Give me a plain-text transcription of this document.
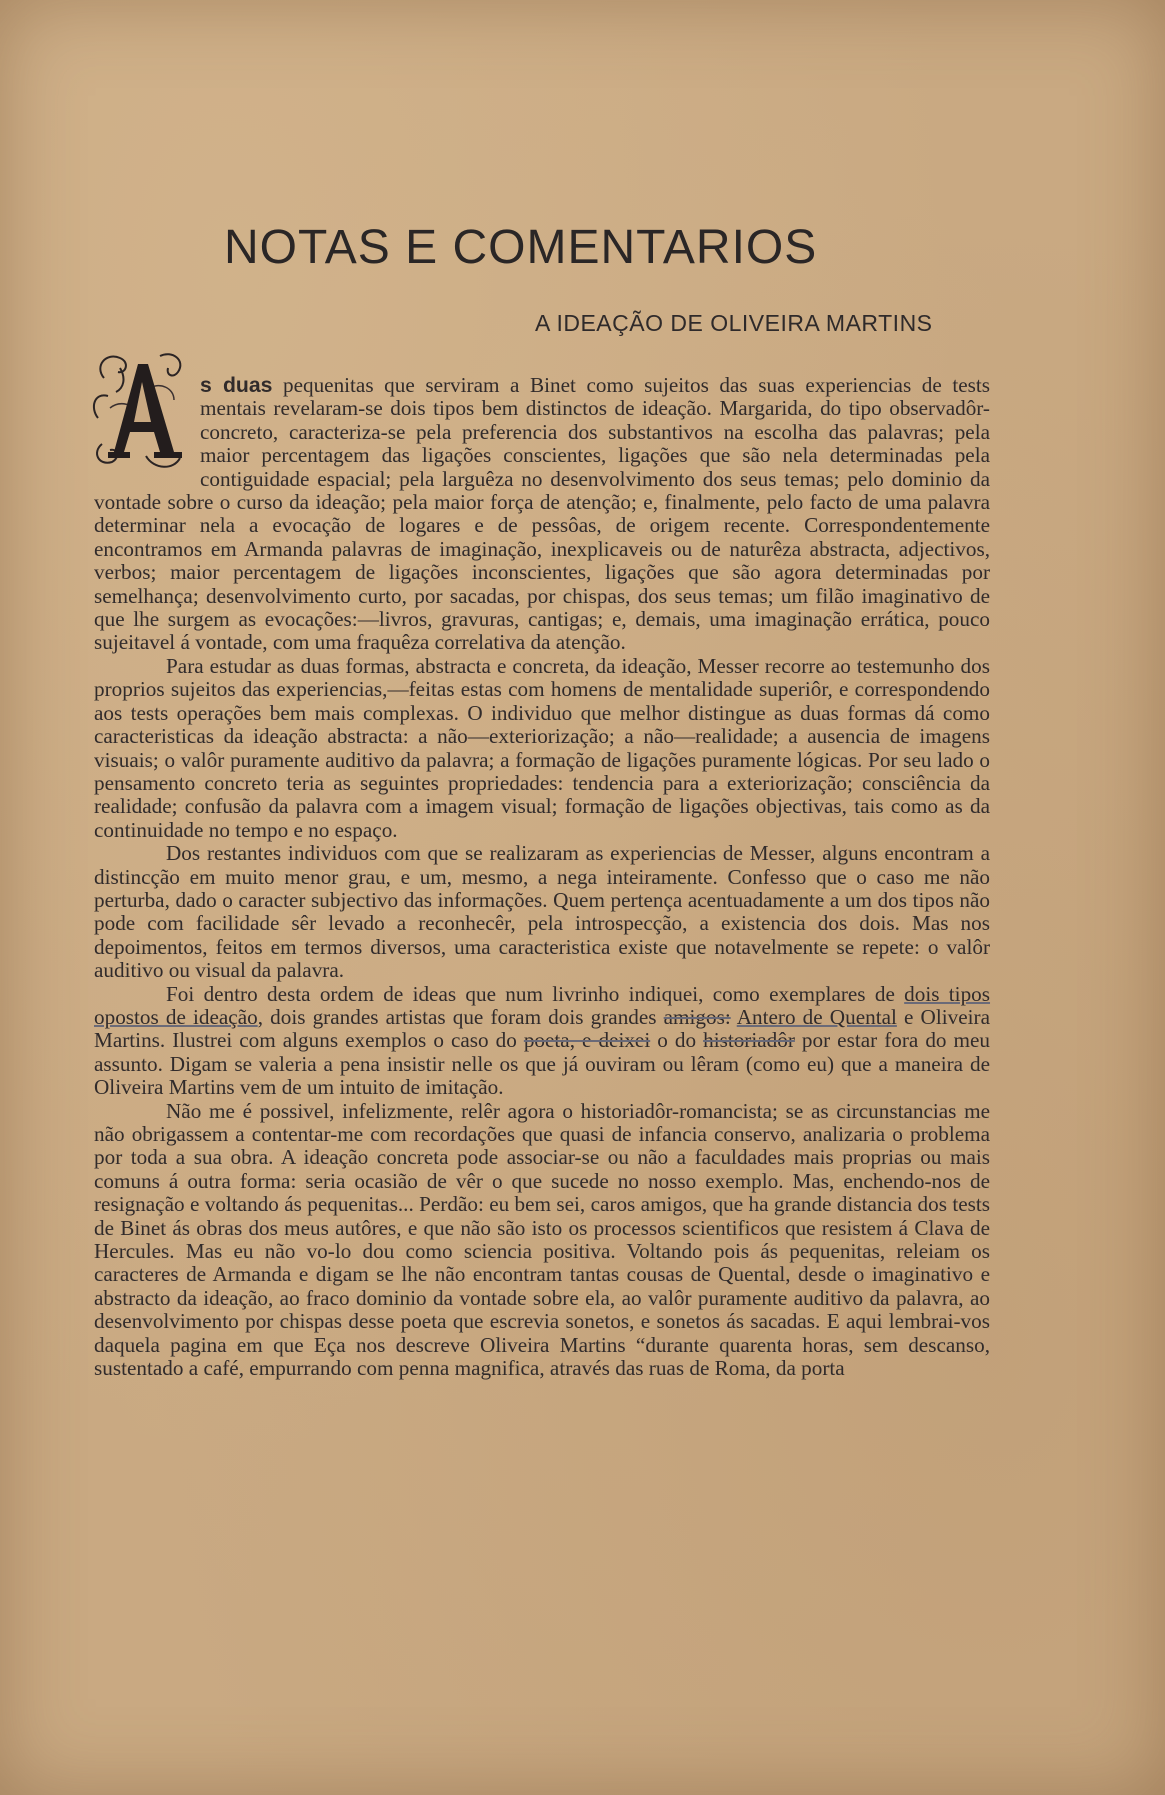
NOTAS E COMENTARIOS
A IDEAÇÃO DE OLIVEIRA MARTINS

s duas pequenitas que serviram a Binet como sujeitos das suas experiencias de tests mentais revelaram-se dois tipos bem distinctos de ideação. Margarida, do tipo observadôr-concreto, caracteriza-se pela preferencia dos substantivos na escolha das palavras; pela maior percentagem das ligações conscientes, ligações que são nela determinadas pela contiguidade espacial; pela larguêza no desenvolvimento dos seus temas; pelo dominio da vontade sobre o curso da ideação; pela maior força de atenção; e, finalmente, pelo facto de uma palavra determinar nela a evocação de logares e de pessôas, de origem recente. Correspondentemente encontramos em Armanda palavras de imaginação, inexplicaveis ou de naturêza abstracta, adjectivos, verbos; maior percentagem de ligações inconscientes, ligações que são agora determinadas por semelhança; desenvolvimento curto, por sacadas, por chispas, dos seus temas; um filão imaginativo de que lhe surgem as evocações:—livros, gravuras, cantigas; e, demais, uma imaginação errática, pouco sujeitavel á vontade, com uma fraquêza correlativa da atenção.

Para estudar as duas formas, abstracta e concreta, da ideação, Messer recorre ao testemunho dos proprios sujeitos das experiencias,—feitas estas com homens de mentalidade superiôr, e correspondendo aos tests operações bem mais complexas. O individuo que melhor distingue as duas formas dá como caracteristicas da ideação abstracta: a não—exteriorização; a não—realidade; a ausencia de imagens visuais; o valôr puramente auditivo da palavra; a formação de ligações puramente lógicas. Por seu lado o pensamento concreto teria as seguintes propriedades: tendencia para a exteriorização; consciência da realidade; confusão da palavra com a imagem visual; formação de ligações objectivas, tais como as da continuidade no tempo e no espaço.

Dos restantes individuos com que se realizaram as experiencias de Messer, alguns encontram a distincção em muito menor grau, e um, mesmo, a nega inteiramente. Confesso que o caso me não perturba, dado o caracter subjectivo das informações. Quem pertença acentuadamente a um dos tipos não pode com facilidade sêr levado a reconhecêr, pela introspecção, a existencia dos dois. Mas nos depoimentos, feitos em termos diversos, uma caracteristica existe que notavelmente se repete: o valôr auditivo ou visual da palavra.

Foi dentro desta ordem de ideas que num livrinho indiquei, como exemplares de dois tipos opostos de ideação, dois grandes artistas que foram dois grandes amigos: Antero de Quental e Oliveira Martins. Ilustrei com alguns exemplos o caso do poeta, e deixei o do historiadôr por estar fora do meu assunto. Digam se valeria a pena insistir nelle os que já ouviram ou lêram (como eu) que a maneira de Oliveira Martins vem de um intuito de imitação.

Não me é possivel, infelizmente, relêr agora o historiadôr-romancista; se as circunstancias me não obrigassem a contentar-me com recordações que quasi de infancia conservo, analizaria o problema por toda a sua obra. A ideação concreta pode associar-se ou não a faculdades mais proprias ou mais comuns á outra forma: seria ocasião de vêr o que sucede no nosso exemplo. Mas, enchendo-nos de resignação e voltando ás pequenitas... Perdão: eu bem sei, caros amigos, que ha grande distancia dos tests de Binet ás obras dos meus autôres, e que não são isto os processos scientificos que resistem á Clava de Hercules. Mas eu não vo-lo dou como sciencia positiva. Voltando pois ás pequenitas, releiam os caracteres de Armanda e digam se lhe não encontram tantas cousas de Quental, desde o imaginativo e abstracto da ideação, ao fraco dominio da vontade sobre ela, ao valôr puramente auditivo da palavra, ao desenvolvimento por chispas desse poeta que escrevia sonetos, e sonetos ás sacadas. E aqui lembrai-vos daquela pagina em que Eça nos descreve Oliveira Martins “durante quarenta horas, sem descanso, sustentado a café, empurrando com penna magnifica, através das ruas de Roma, da porta
